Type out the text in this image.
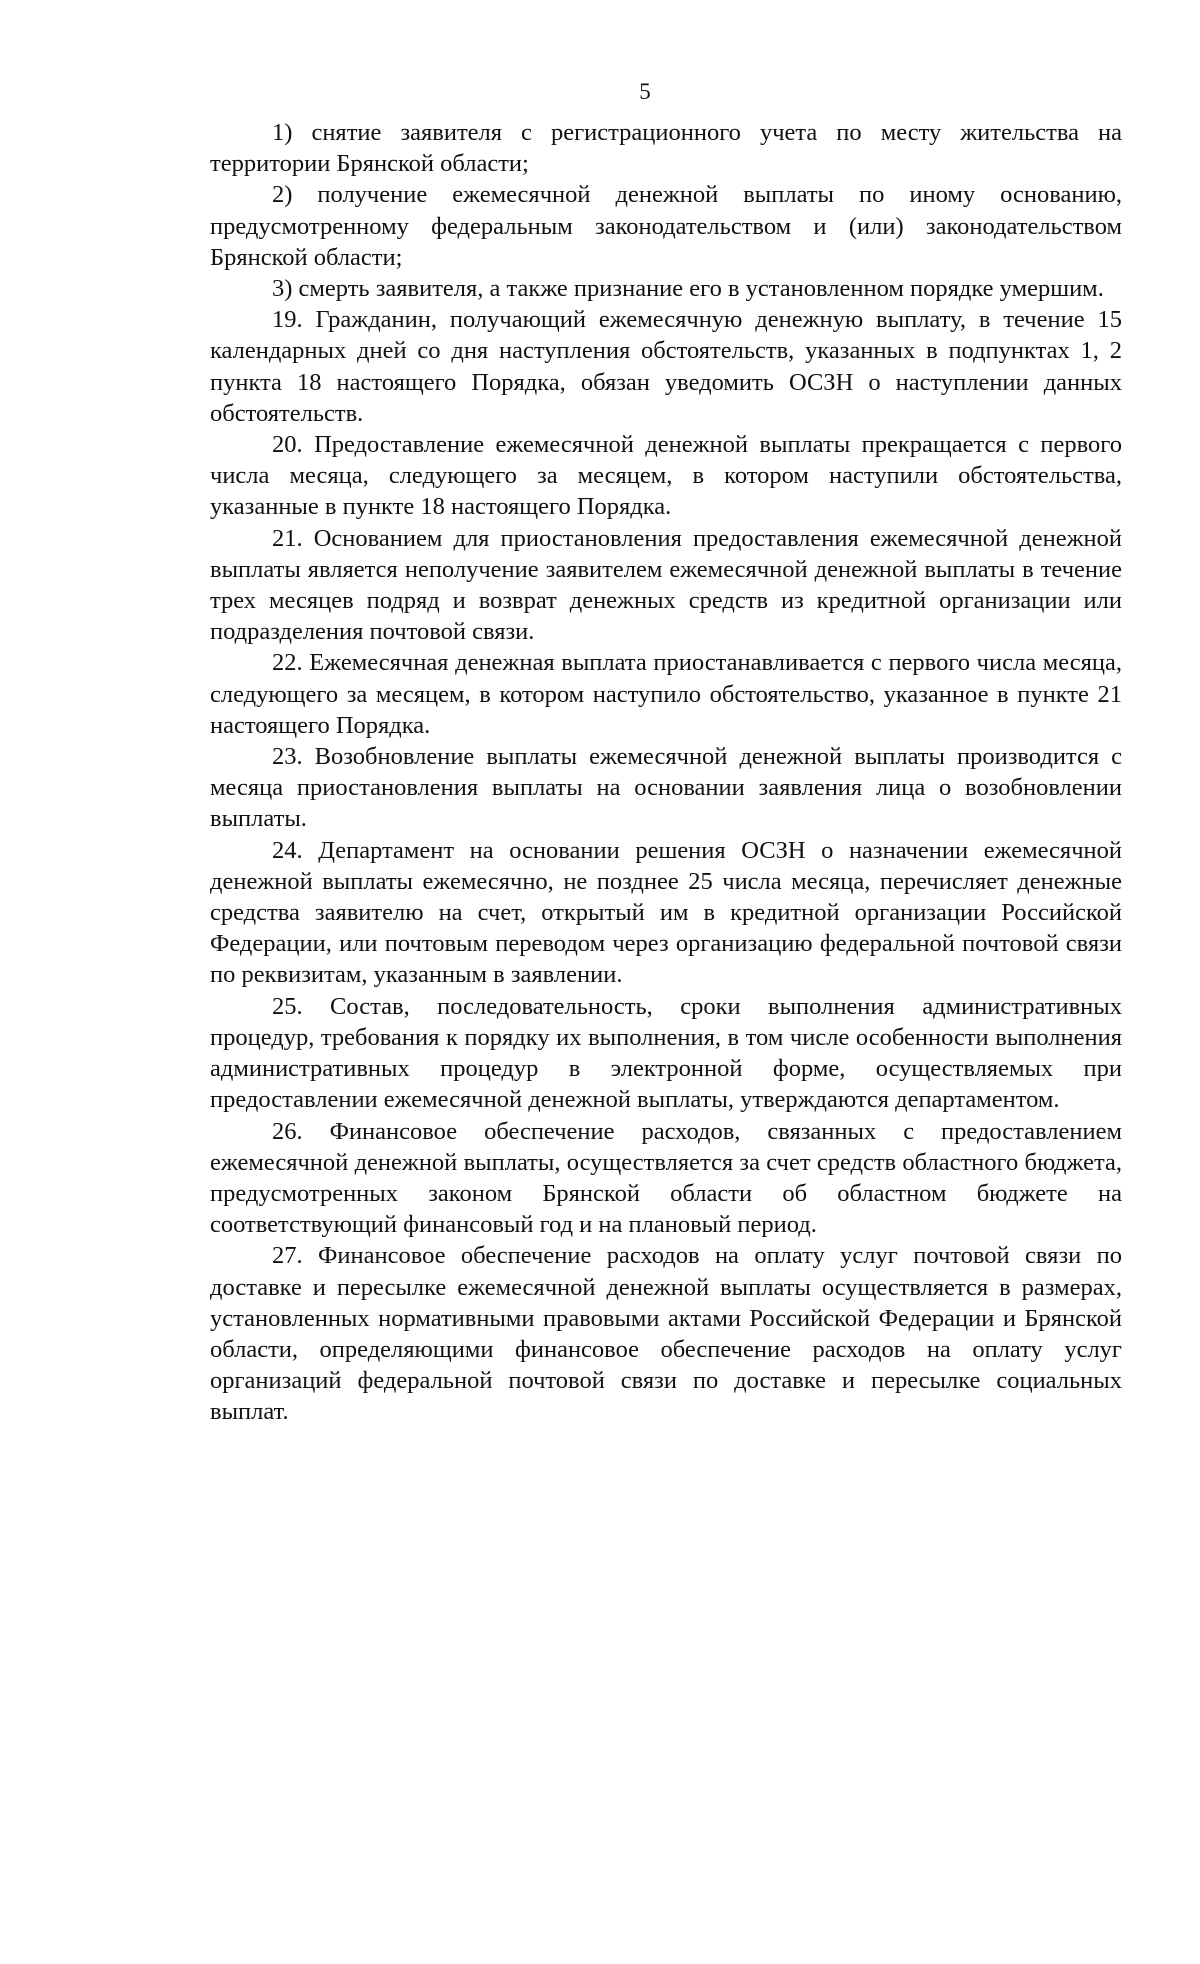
5

1) снятие заявителя с регистрационного учета по месту жительства на территории Брянской области;

2) получение ежемесячной денежной выплаты по иному основанию, предусмотренному федеральным законодательством и (или) законодательством Брянской области;

3) смерть заявителя, а также признание его в установленном порядке умершим.

19. Гражданин, получающий ежемесячную денежную выплату, в течение 15 календарных дней со дня наступления обстоятельств, указанных в подпунктах 1, 2 пункта 18 настоящего Порядка, обязан уведомить ОСЗН о наступлении данных обстоятельств.

20. Предоставление ежемесячной денежной выплаты прекращается с первого числа месяца, следующего за месяцем, в котором наступили обстоятельства, указанные в пункте 18 настоящего Порядка.

21. Основанием для приостановления предоставления ежемесячной денежной выплаты является неполучение заявителем ежемесячной денежной выплаты в течение трех месяцев подряд и возврат денежных средств из кредитной организации или подразделения почтовой связи.

22. Ежемесячная денежная выплата приостанавливается с первого числа месяца, следующего за месяцем, в котором наступило обстоятельство, указанное в пункте 21 настоящего Порядка.

23. Возобновление выплаты ежемесячной денежной выплаты производится с месяца приостановления выплаты на основании заявления лица о возобновлении выплаты.

24. Департамент на основании решения ОСЗН о назначении ежемесячной денежной выплаты ежемесячно, не позднее 25 числа месяца, перечисляет денежные средства заявителю на счет, открытый им в кредитной организации Российской Федерации, или почтовым переводом через организацию федеральной почтовой связи по реквизитам, указанным в заявлении.

25. Состав, последовательность, сроки выполнения административных процедур, требования к порядку их выполнения, в том числе особенности выполнения административных процедур в электронной форме, осуществляемых при предоставлении ежемесячной денежной выплаты, утверждаются департаментом.

26. Финансовое обеспечение расходов, связанных с предоставлением ежемесячной денежной выплаты, осуществляется за счет средств областного бюджета, предусмотренных законом Брянской области об областном бюджете на соответствующий финансовый год и на плановый период.

27. Финансовое обеспечение расходов на оплату услуг почтовой связи по доставке и пересылке ежемесячной денежной выплаты осуществляется в размерах, установленных нормативными правовыми актами Российской Федерации и Брянской области, определяющими финансовое обеспечение расходов на оплату услуг организаций федеральной почтовой связи по доставке и пересылке социальных выплат.
